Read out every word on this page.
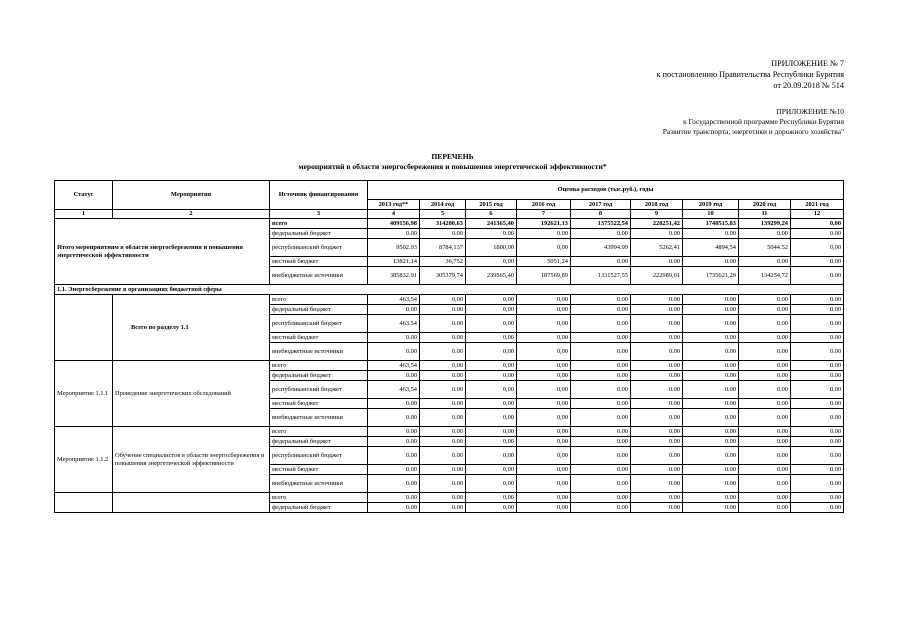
ПРИЛОЖЕНИЕ № 7
к постановлению Правительства Республики Бурятия
от 20.09.2018 № 514
ПРИЛОЖЕНИЕ №10
к Государственной программе Республики Бурятия
Развитие транспорта, энергетики и дорожного хозяйства"
ПЕРЕЧЕНЬ
мероприятий в области энергосбережения и повышения энергетической эффективности*
Статус	Мероприятия	Источник финансирования	Оценка расходов (тыс.руб.), годы								
			2013 год**	2014 год	2015 год	2016 год	2017 год	2018 год	2019 год	2020 год	2021 год
1	2	3	4	5	6	7	8	9	10	11	12
Итого мероприятиям в области энергосбережения и повышения энергетической эффективности		всего	409156,98	314200,63	241365,40	192621,13	1375522,54	228251,42	1740515,83	139299,24	0,00
		федеральный бюджет	0.00	0.00	0.00	0.00	0.00	0.00	0.00	0.00	0.00
		республиканский бюджет	9502.93	8784,137	1800,00	0,00	43994.99	5262,41	4894,54	5044.52	0,00
		местный бюджет	13821.14	36,752	0,00	5051,24	0.00	0.00	0.00	0.00	0.00
		внебюджетные источники	385832.91	305379,74	239565,40	187569,89	1331527,55	222989,01	1735621,29	134254,72	0.00
1.1. Энергосбережение в организациях бюджетной сферы											
	Всего по разделу 1.1	всего	463,54	0,00	0,00	0,00	0.00	0.00	0.00	0.00	0.00
		федеральный бюджет	0.00	0.00	0,00	0,00	0.00	0.00	0.00	0.00	0.00
		республиканский бюджет	463.54	0.00	0,00	0,00	0.00	0.00	0.00	0.00	0.00
		местный бюджет	0.00	0.00	0,00	0,00	0.00	0.00	0.00	0.00	0.00
		внебюджетные источники	0.00	0.00	0,00	0,00	0.00	0.00	0.00	0.00	0.00
Мероприятие 1.1.1	Проведение энергетических обследований	всего	463,54	0,00	0,00	0,00	0.00	0.00	0.00	0.00	0.00
		федеральный бюджет	0.00	0.00	0,00	0,00	0.00	0.00	0.00	0.00	0.00
		республиканский бюджет	463,54	0.00	0,00	0,00	0.00	0.00	0.00	0.00	0.00
		местный бюджет	0.00	0.00	0,00	0,00	0.00	0.00	0.00	0.00	0.00
		внебюджетные источники	0.00	0.00	0,00	0,00	0.00	0.00	0.00	0.00	0.00
Мероприятие 1.1.2	Обучение специалистов в области энергосбережения и повышения энергетической эффективности	всего	0.00	0.00	0,00	0,00	0.00	0.00	0.00	0.00	0.00
		федеральный бюджет	0.00	0.00	0,00	0,00	0.00	0.00	0.00	0.00	0.00
		республиканский бюджет	0.00	0.00	0,00	0,00	0.00	0.00	0.00	0.00	0.00
		местный бюджет	0.00	0.00	0,00	0,00	0.00	0.00	0.00	0.00	0.00
		внебюджетные источники	0.00	0.00	0,00	0,00	0.00	0.00	0.00	0.00	0.00
		всего	0.00	0.00	0,00	0,00	0.00	0.00	0.00	0.00	0.00
		федеральный бюджет	0.00	0.00	0,00	0,00	0.00	0.00	0.00	0.00	0.00
